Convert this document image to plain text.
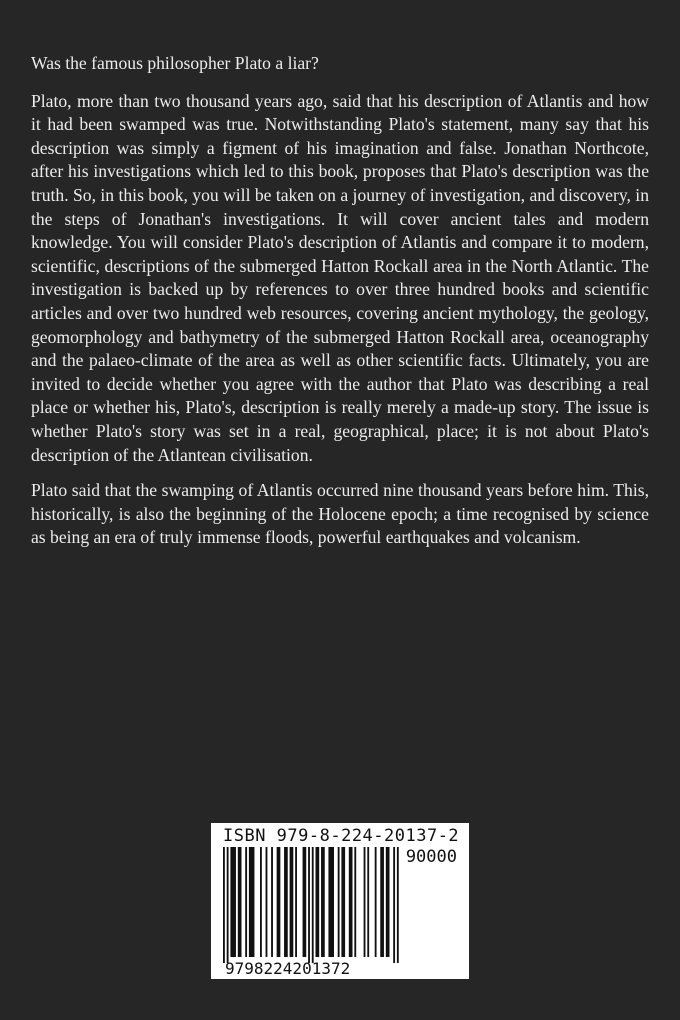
Was the famous philosopher Plato a liar?

Plato, more than two thousand years ago, said that his description of Atlantis and how it had been swamped was true. Notwithstanding Plato's statement, many say that his description was simply a figment of his imagination and false. Jonathan Northcote, after his investigations which led to this book, proposes that Plato's description was the truth. So, in this book, you will be taken on a journey of investigation, and discovery, in the steps of Jonathan's investigations. It will cover ancient tales and modern knowledge. You will consider Plato's description of Atlantis and compare it to modern, scientific, descriptions of the submerged Hatton Rockall area in the North Atlantic. The investigation is backed up by references to over three hundred books and scientific articles and over two hundred web resources, covering ancient mythology, the geology, geomorphology and bathymetry of the submerged Hatton Rockall area, oceanography and the palaeo-climate of the area as well as other scientific facts. Ultimately, you are invited to decide whether you agree with the author that Plato was describing a real place or whether his, Plato's, description is really merely a made-up story. The issue is whether Plato's story was set in a real, geographical, place; it is not about Plato's description of the Atlantean civilisation.

Plato said that the swamping of Atlantis occurred nine thousand years before him. This, historically, is also the beginning of the Holocene epoch; a time recognised by science as being an era of truly immense floods, powerful earthquakes and volcanism.

ISBN 979-8-224-20137-2
90000
9798224201372
